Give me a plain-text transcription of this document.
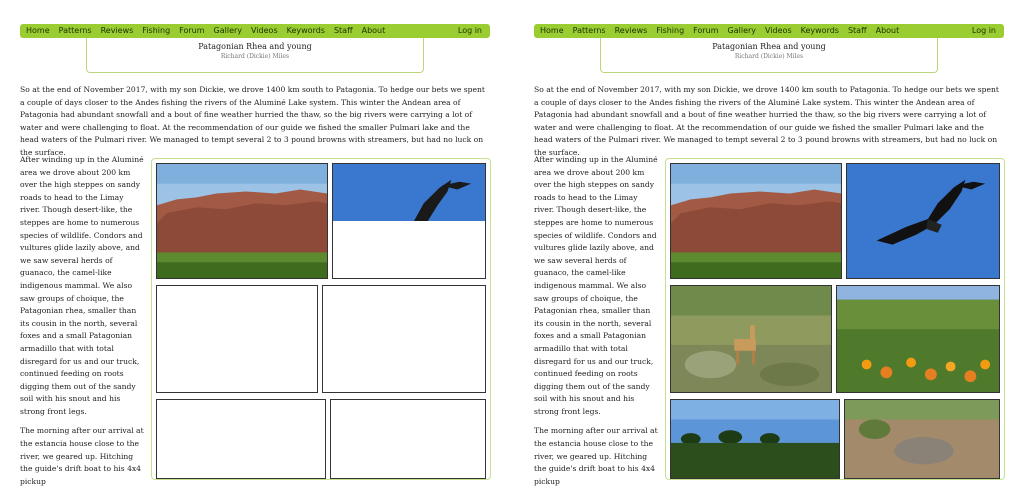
Home Patterns Reviews Fishing Forum Gallery Videos Keywords Staff About	Log in
Patagonian Rhea and young
Richard (Dickie) Miles

So at the end of November 2017, with my son Dickie, we drove 1400 km south to Patagonia. To hedge our bets we spent a couple of days closer to the Andes fishing the rivers of the Aluminé Lake system. This winter the Andean area of Patagonia had abundant snowfall and a bout of fine weather hurried the thaw, so the big rivers were carrying a lot of water and were challenging to float. At the recommendation of our guide we fished the smaller Pulmari lake and the head waters of the Pulmari river. We managed to tempt several 2 to 3 pound browns with streamers, but had no luck on the surface.

After winding up in the Aluminé area we drove about 200 km over the high steppes on sandy roads to head to the Limay river. Though desert-like, the steppes are home to numerous species of wildlife. Condors and vultures glide lazily above, and we saw several herds of guanaco, the camel-like indigenous mammal. We also saw groups of choique, the Patagonian rhea, smaller than its cousin in the north, several foxes and a small Patagonian armadillo that with total disregard for us and our truck, continued feeding on roots digging them out of the sandy soil with his snout and his strong front legs.

The morning after our arrival at the estancia house close to the river, we geared up. Hitching the guide's drift boat to his 4x4 pickup

Home Patterns Reviews Fishing Forum Gallery Videos Keywords Staff About	Log in
Patagonian Rhea and young
Richard (Dickie) Miles

So at the end of November 2017, with my son Dickie, we drove 1400 km south to Patagonia. To hedge our bets we spent a couple of days closer to the Andes fishing the rivers of the Aluminé Lake system. This winter the Andean area of Patagonia had abundant snowfall and a bout of fine weather hurried the thaw, so the big rivers were carrying a lot of water and were challenging to float. At the recommendation of our guide we fished the smaller Pulmari lake and the head waters of the Pulmari river. We managed to tempt several 2 to 3 pound browns with streamers, but had no luck on the surface.

After winding up in the Aluminé area we drove about 200 km over the high steppes on sandy roads to head to the Limay river. Though desert-like, the steppes are home to numerous species of wildlife. Condors and vultures glide lazily above, and we saw several herds of guanaco, the camel-like indigenous mammal. We also saw groups of choique, the Patagonian rhea, smaller than its cousin in the north, several foxes and a small Patagonian armadillo that with total disregard for us and our truck, continued feeding on roots digging them out of the sandy soil with his snout and his strong front legs.

The morning after our arrival at the estancia house close to the river, we geared up. Hitching the guide's drift boat to his 4x4 pickup
